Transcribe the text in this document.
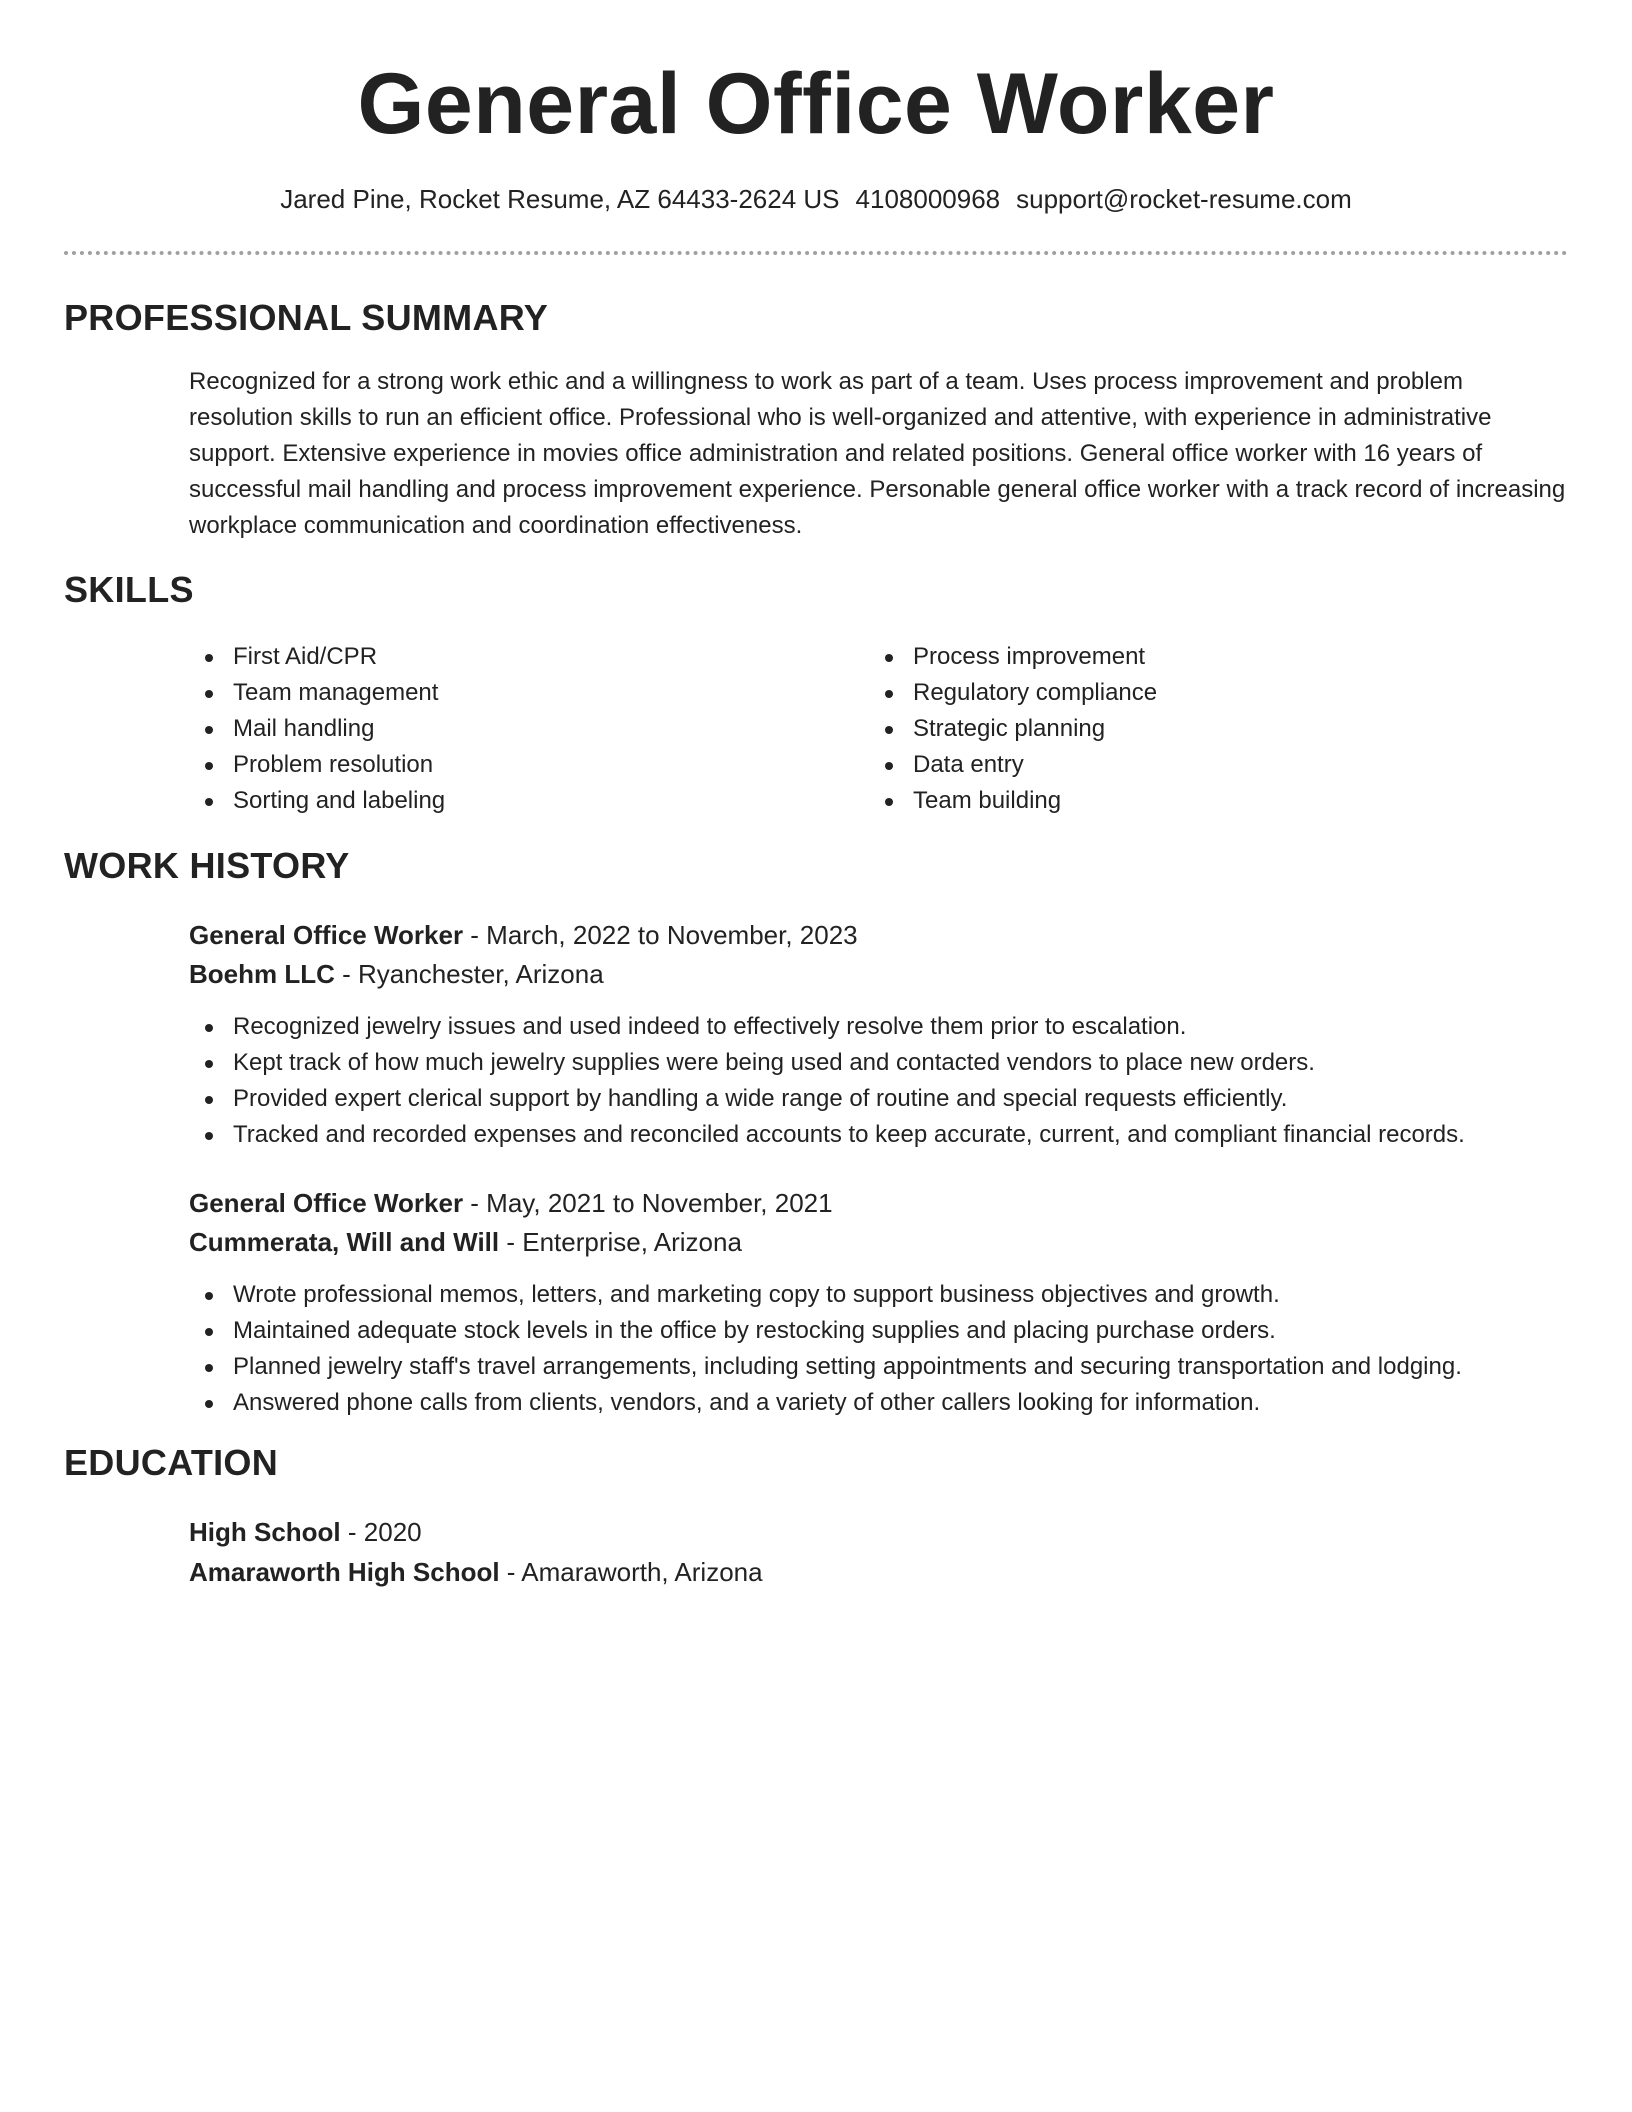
General Office Worker
Jared Pine, Rocket Resume, AZ 64433-2624 US 4108000968 support@rocket-resume.com
PROFESSIONAL SUMMARY

Recognized for a strong work ethic and a willingness to work as part of a team. Uses process improvement and problem resolution skills to run an efficient office. Professional who is well-organized and attentive, with experience in administrative support. Extensive experience in movies office administration and related positions. General office worker with 16 years of successful mail handling and process improvement experience. Personable general office worker with a track record of increasing workplace communication and coordination effectiveness.

SKILLS
First Aid/CPR
Team management
Mail handling
Problem resolution
Sorting and labeling
Process improvement
Regulatory compliance
Strategic planning
Data entry
Team building
WORK HISTORY
General Office Worker - March, 2022 to November, 2023
Boehm LLC - Ryanchester, Arizona
Recognized jewelry issues and used indeed to effectively resolve them prior to escalation.
Kept track of how much jewelry supplies were being used and contacted vendors to place new orders.
Provided expert clerical support by handling a wide range of routine and special requests efficiently.
Tracked and recorded expenses and reconciled accounts to keep accurate, current, and compliant financial records.
General Office Worker - May, 2021 to November, 2021
Cummerata, Will and Will - Enterprise, Arizona
Wrote professional memos, letters, and marketing copy to support business objectives and growth.
Maintained adequate stock levels in the office by restocking supplies and placing purchase orders.
Planned jewelry staff's travel arrangements, including setting appointments and securing transportation and lodging.
Answered phone calls from clients, vendors, and a variety of other callers looking for information.
EDUCATION
High School - 2020
Amaraworth High School - Amaraworth, Arizona
